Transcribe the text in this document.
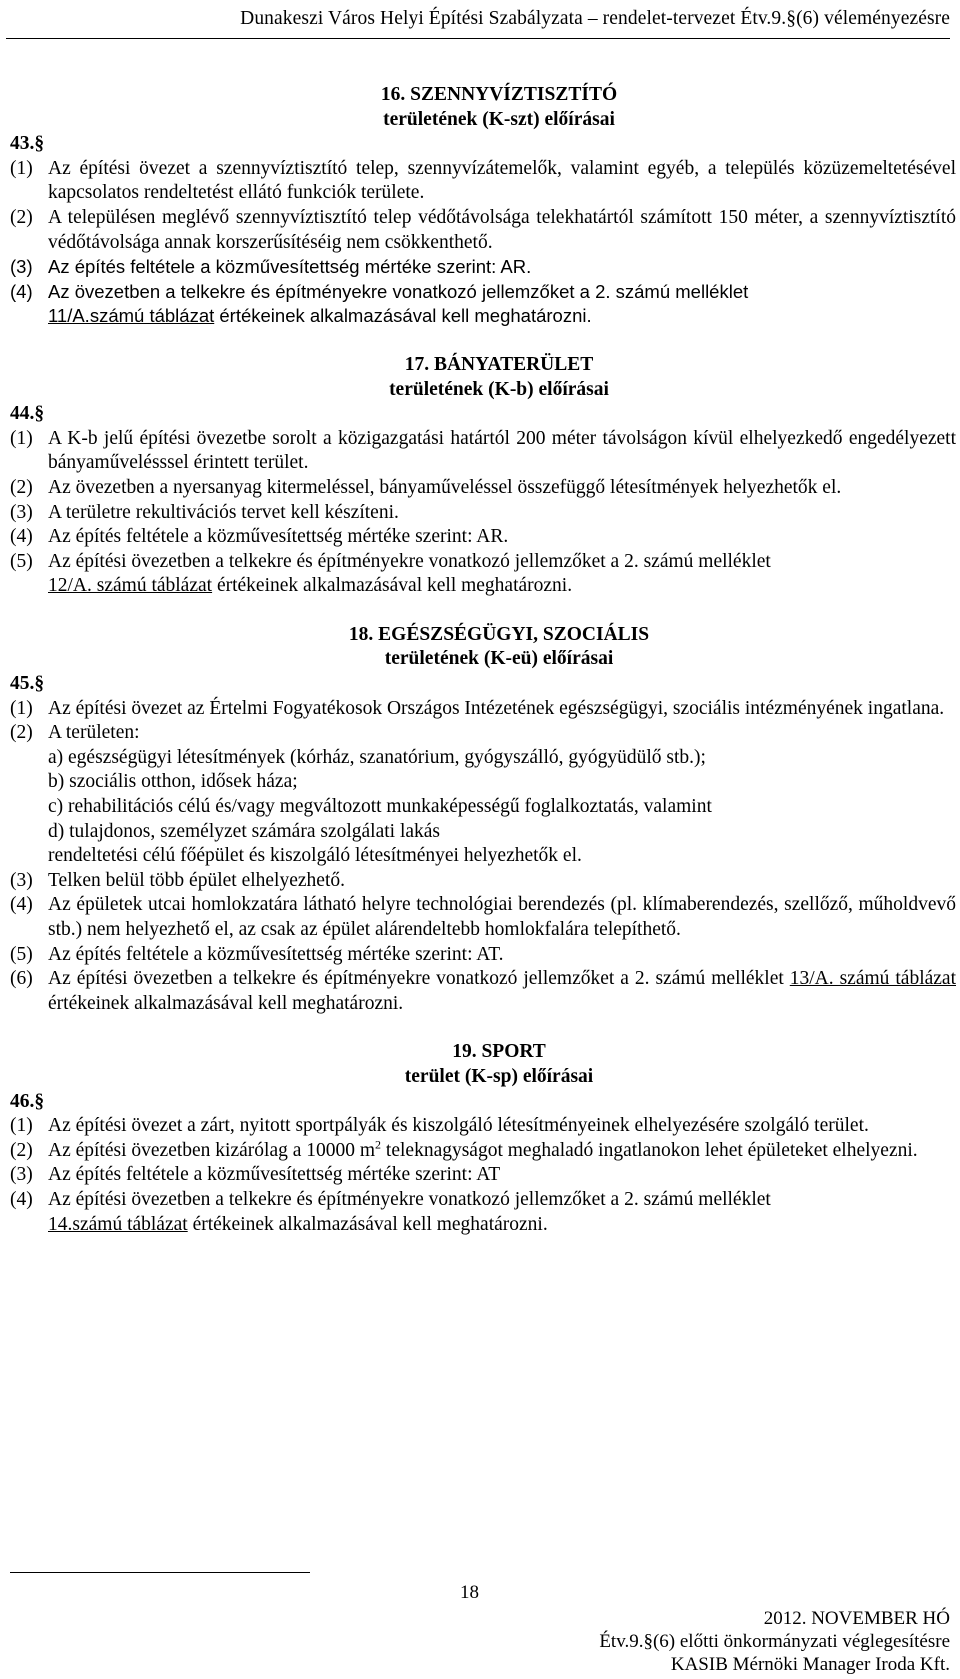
Dunakeszi Város Helyi Építési Szabályzata – rendelet-tervezet Étv.9.§(6) véleményezésre
16. SZENNYVÍZTISZTÍTÓ
területének (K-szt) előírásai
43.§
(1) Az építési övezet a szennyvíztisztító telep, szennyvízátemelők, valamint egyéb, a település közüzemeltetésével kapcsolatos rendeltetést ellátó funkciók területe.
(2) A településen meglévő szennyvíztisztító telep védőtávolsága telekhatártól számított 150 méter, a szennyvíztisztító védőtávolsága annak korszerűsítéséig nem csökkenthető.
(3) Az építés feltétele a közművesítettség mértéke szerint: AR.
(4) Az övezetben a telkekre és építményekre vonatkozó jellemzőket a 2. számú melléklet
11/A.számú táblázat értékeinek alkalmazásával kell meghatározni.
17. BÁNYATERÜLET
területének (K-b) előírásai
44.§
(1) A K-b jelű építési övezetbe sorolt a közigazgatási határtól 200 méter távolságon kívül elhelyezkedő engedélyezett bányaművelésssel érintett terület.
(2) Az övezetben a nyersanyag kitermeléssel, bányaműveléssel összefüggő létesítmények helyezhetők el.
(3) A területre rekultivációs tervet kell készíteni.
(4) Az építés feltétele a közművesítettség mértéke szerint: AR.
(5) Az építési övezetben a telkekre és építményekre vonatkozó jellemzőket a 2. számú melléklet
12/A. számú táblázat értékeinek alkalmazásával kell meghatározni.
18. EGÉSZSÉGÜGYI, SZOCIÁLIS
területének (K-eü) előírásai
45.§
(1) Az építési övezet az Értelmi Fogyatékosok Országos Intézetének egészségügyi, szociális intézményének ingatlana.
(2) A területen:
a) egészségügyi létesítmények (kórház, szanatórium, gyógyszálló, gyógyüdülő stb.);
b) szociális otthon, idősek háza;
c) rehabilitációs célú és/vagy megváltozott munkaképességű foglalkoztatás, valamint
d) tulajdonos, személyzet számára szolgálati lakás
rendeltetési célú főépület és kiszolgáló létesítményei helyezhetők el.
(3) Telken belül több épület elhelyezhető.
(4) Az épületek utcai homlokzatára látható helyre technológiai berendezés (pl. klímaberendezés, szellőző, műholdvevő stb.) nem helyezhető el, az csak az épület alárendeltebb homlokfalára telepíthető.
(5) Az építés feltétele a közművesítettség mértéke szerint: AT.
(6) Az építési övezetben a telkekre és építményekre vonatkozó jellemzőket a 2. számú melléklet 13/A. számú táblázat értékeinek alkalmazásával kell meghatározni.
19. SPORT
terület (K-sp) előírásai
46.§
(1) Az építési övezet a zárt, nyitott sportpályák és kiszolgáló létesítményeinek elhelyezésére szolgáló terület.
(2) Az építési övezetben kizárólag a 10000 $m^2$ teleknagyságot meghaladó ingatlanokon lehet épületeket elhelyezni.
(3) Az építés feltétele a közművesítettség mértéke szerint: AT
(4) Az építési övezetben a telkekre és építményekre vonatkozó jellemzőket a 2. számú melléklet
14.számú táblázat értékeinek alkalmazásával kell meghatározni.
18
2012. NOVEMBER HÓ
Étv.9.§(6) előtti önkormányzati véglegesítésre
KASIB Mérnöki Manager Iroda Kft.
